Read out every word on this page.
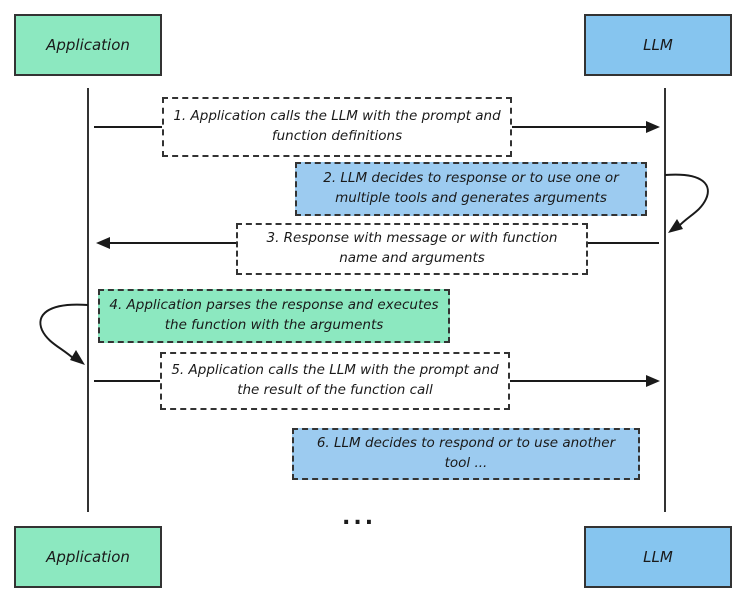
Application	LLM
Application	LLM
1. Application calls the LLM with the prompt and function definitions
2. LLM decides to response or to use one or multiple tools and generates arguments
3. Response with message or with function name and arguments
4. Application parses the response and executes the function with the arguments
5. Application calls the LLM with the prompt and the result of the function call
6. LLM decides to respond or to use another tool ...
...
